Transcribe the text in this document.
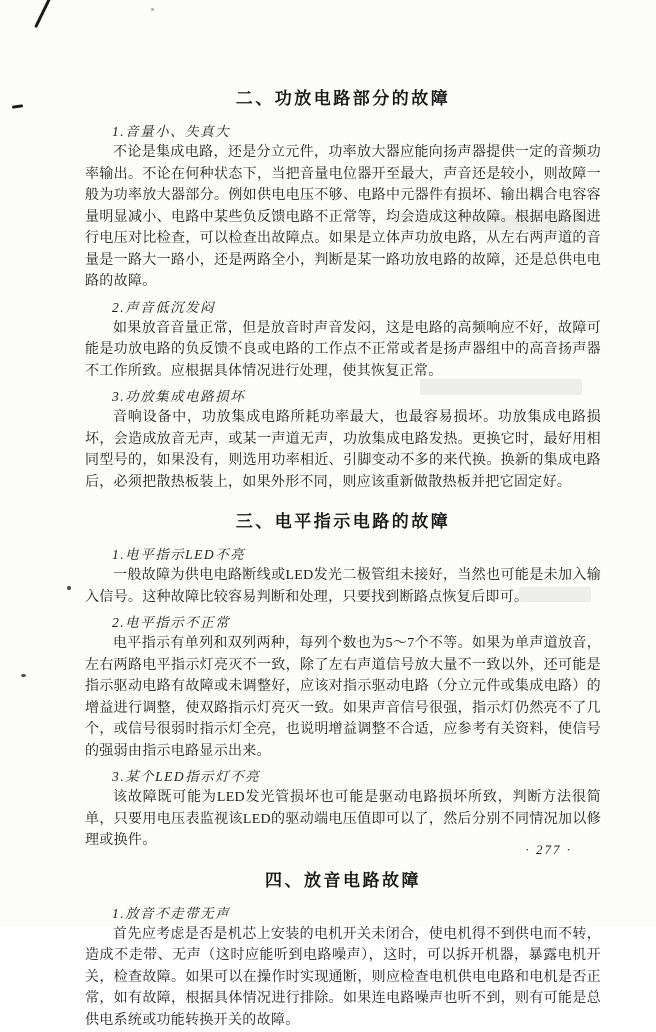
二、功放电路部分的故障
1.音量小、失真大

不论是集成电路，还是分立元件，功率放大器应能向扬声器提供一定的音频功率输出。不论在何种状态下，当把音量电位器开至最大，声音还是较小，则故障一般为功率放大器部分。例如供电电压不够、电路中元器件有损坏、输出耦合电容容量明显减小、电路中某些负反馈电路不正常等，均会造成这种故障。根据电路图进行电压对比检查，可以检查出故障点。如果是立体声功放电路，从左右两声道的音量是一路大一路小，还是两路全小，判断是某一路功放电路的故障，还是总供电电路的故障。

2.声音低沉发闷

如果放音音量正常，但是放音时声音发闷，这是电路的高频响应不好，故障可能是功放电路的负反馈不良或电路的工作点不正常或者是扬声器组中的高音扬声器不工作所致。应根据具体情况进行处理，使其恢复正常。

3.功放集成电路损坏

音响设备中，功放集成电路所耗功率最大，也最容易损坏。功放集成电路损坏，会造成放音无声，或某一声道无声，功放集成电路发热。更换它时，最好用相同型号的，如果没有，则选用功率相近、引脚变动不多的来代换。换新的集成电路后，必须把散热板装上，如果外形不同，则应该重新做散热板并把它固定好。

三、电平指示电路的故障
1.电平指示LED不亮

一般故障为供电电路断线或LED发光二极管组未接好，当然也可能是未加入输入信号。这种故障比较容易判断和处理，只要找到断路点恢复后即可。

2.电平指示不正常

电平指示有单列和双列两种，每列个数也为5～7个不等。如果为单声道放音，左右两路电平指示灯亮灭不一致，除了左右声道信号放大量不一致以外，还可能是指示驱动电路有故障或未调整好，应该对指示驱动电路（分立元件或集成电路）的增益进行调整，使双路指示灯亮灭一致。如果声音信号很强，指示灯仍然亮不了几个，或信号很弱时指示灯全亮，也说明增益调整不合适，应参考有关资料，使信号的强弱由指示电路显示出来。

3.某个LED指示灯不亮

该故障既可能为LED发光管损坏也可能是驱动电路损坏所致，判断方法很简单，只要用电压表监视该LED的驱动端电压值即可以了，然后分别不同情况加以修理或换件。

四、放音电路故障
1.放音不走带无声

首先应考虑是否是机芯上安装的电机开关未闭合，使电机得不到供电而不转，造成不走带、无声（这时应能听到电路噪声），这时，可以拆开机器，暴露电机开关，检查故障。如果可以在操作时实现通断，则应检查电机供电电路和电机是否正常，如有故障，根据具体情况进行排除。如果连电路噪声也听不到，则有可能是总供电系统或功能转换开关的故障。

· 277 ·
